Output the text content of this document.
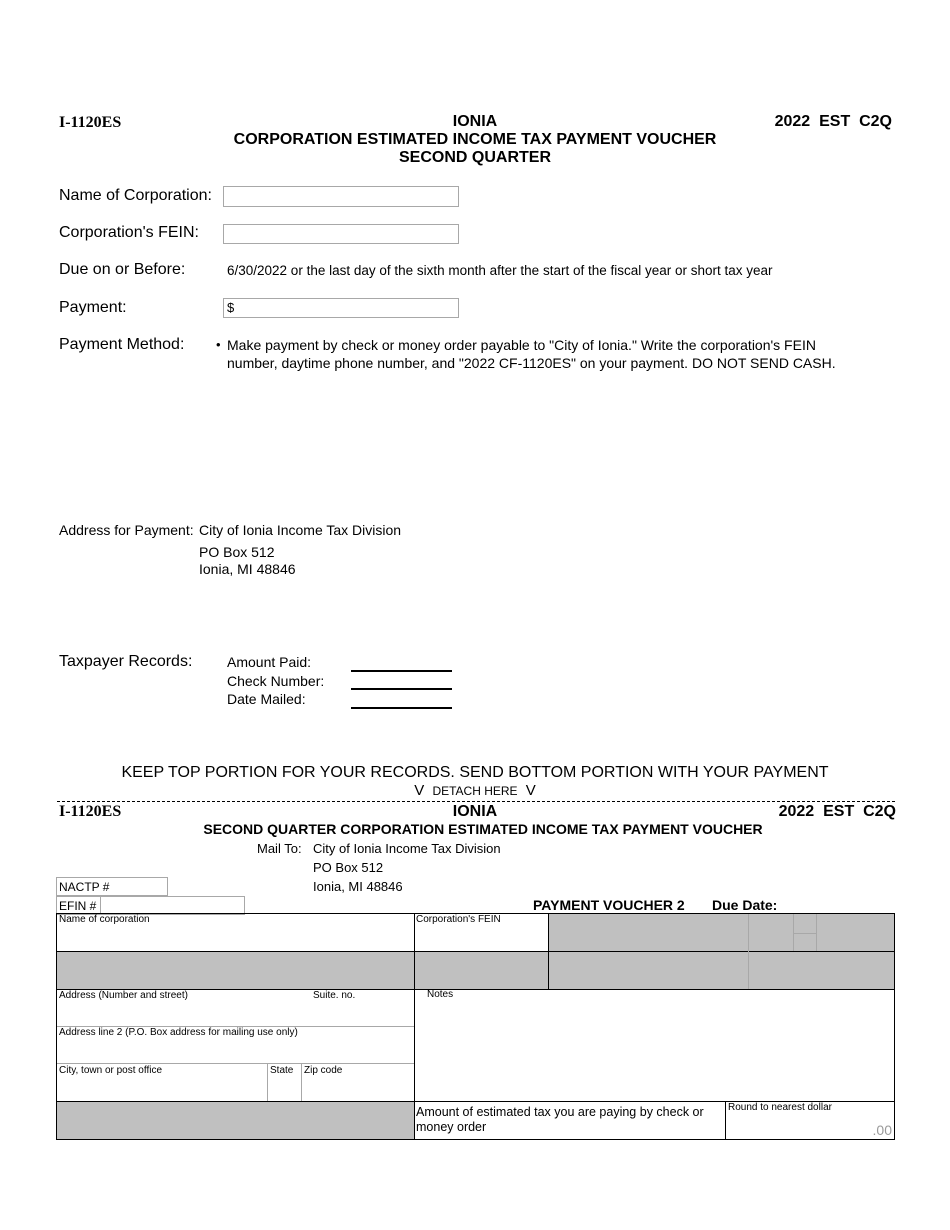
I-1120ES	IONIA
CORPORATION ESTIMATED INCOME TAX PAYMENT VOUCHER
SECOND QUARTER
2022  EST  C2Q
Name of Corporation:
Corporation's FEIN:
Due on or Before:	6/30/2022 or the last day of the sixth month after the start of the fiscal year or short tax year
Payment:	$
Payment Method: • Make payment by check or money order payable to "City of Ionia." Write the corporation's FEIN
number, daytime phone number, and "2022 CF-1120ES" on your payment. DO NOT SEND CASH.
Address for Payment: City of Ionia Income Tax Division
PO Box 512
Ionia, MI 48846
Taxpayer Records: Amount Paid:
Check Number:
Date Mailed:
KEEP TOP PORTION FOR YOUR RECORDS. SEND BOTTOM PORTION WITH YOUR PAYMENT
V DETACH HERE V
I-1120ES	IONIA	2022  EST  C2Q
SECOND QUARTER CORPORATION ESTIMATED INCOME TAX PAYMENT VOUCHER
Mail To: City of Ionia Income Tax Division
PO Box 512
Ionia, MI 48846
NACTP #
EFIN #	PAYMENT VOUCHER 2 Due Date:
Name of corporation	Corporation's FEIN
Address (Number and street)	Suite. no.	Notes
Address line 2 (P.O. Box address for mailing use only)
City, town or post office	State Zip code
Amount of estimated tax you are paying by check or
money order
Round to nearest dollar
.00
